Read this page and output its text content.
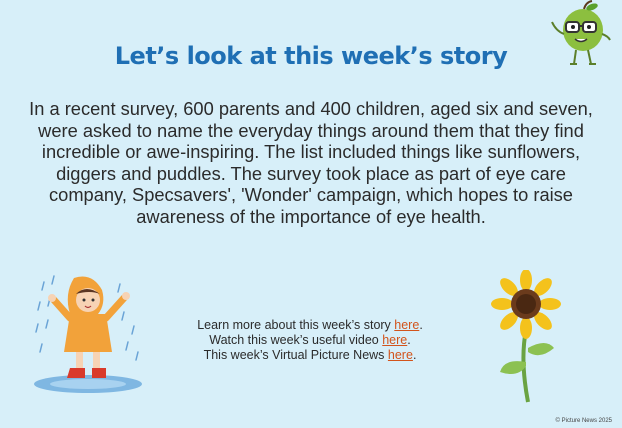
Let’s look at this week’s story
In a recent survey, 600 parents and 400 children, aged six and seven, were asked to name the everyday things around them that they find incredible or awe-inspiring. The list included things like sunflowers, diggers and puddles. The survey took place as part of eye care company, Specsavers', 'Wonder' campaign, which hopes to raise awareness of the importance of eye health.
Learn more about this week’s story here.
Watch this week’s useful video here.
This week’s Virtual Picture News here.
© Picture News 2025
